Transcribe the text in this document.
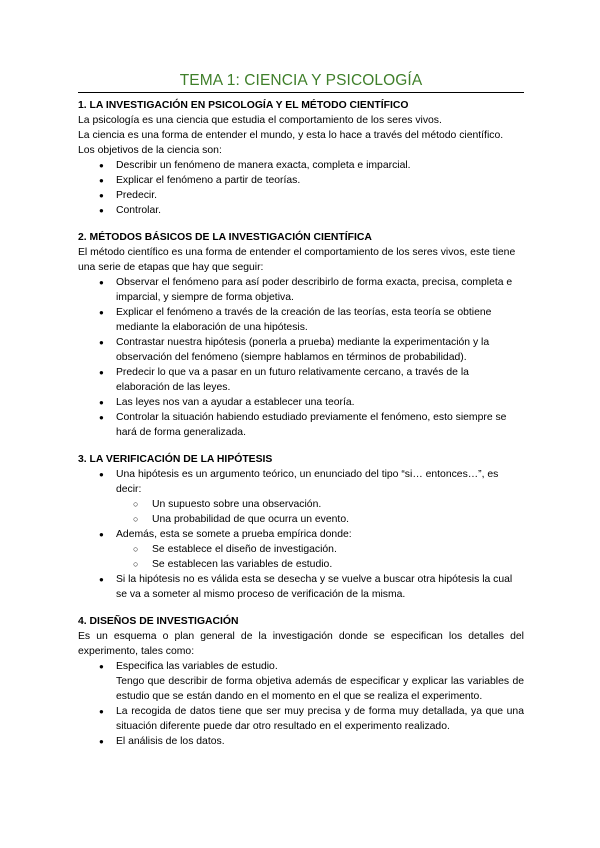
TEMA 1: CIENCIA Y PSICOLOGÍA

1. LA INVESTIGACIÓN EN PSICOLOGÍA Y EL MÉTODO CIENTÍFICO

La psicología es una ciencia que estudia el comportamiento de los seres vivos.

La ciencia es una forma de entender el mundo, y esta lo hace a través del método científico.

Los objetivos de la ciencia son:

● Describir un fenómeno de manera exacta, completa e imparcial.
● Explicar el fenómeno a partir de teorías.
● Predecir.
● Controlar.

2. MÉTODOS BÁSICOS DE LA INVESTIGACIÓN CIENTÍFICA

El método científico es una forma de entender el comportamiento de los seres vivos, este tiene una serie de etapas que hay que seguir:

● Observar el fenómeno para así poder describirlo de forma exacta, precisa, completa e imparcial, y siempre de forma objetiva.
● Explicar el fenómeno a través de la creación de las teorías, esta teoría se obtiene mediante la elaboración de una hipótesis.
● Contrastar nuestra hipótesis (ponerla a prueba) mediante la experimentación y la observación del fenómeno (siempre hablamos en términos de probabilidad).
● Predecir lo que va a pasar en un futuro relativamente cercano, a través de la elaboración de las leyes.
● Las leyes nos van a ayudar a establecer una teoría.
● Controlar la situación habiendo estudiado previamente el fenómeno, esto siempre se hará de forma generalizada.

3. LA VERIFICACIÓN DE LA HIPÓTESIS

● Una hipótesis es un argumento teórico, un enunciado del tipo “si… entonces…”, es decir:
○ Un supuesto sobre una observación.
○ Una probabilidad de que ocurra un evento.
● Además, esta se somete a prueba empírica donde:
○ Se establece el diseño de investigación.
○ Se establecen las variables de estudio.
● Si la hipótesis no es válida esta se desecha y se vuelve a buscar otra hipótesis la cual se va a someter al mismo proceso de verificación de la misma.

4. DISEÑOS DE INVESTIGACIÓN

Es un esquema o plan general de la investigación donde se especifican los detalles del experimento, tales como:

● Especifica las variables de estudio.
Tengo que describir de forma objetiva además de especificar y explicar las variables de estudio que se están dando en el momento en el que se realiza el experimento.
● La recogida de datos tiene que ser muy precisa y de forma muy detallada, ya que una situación diferente puede dar otro resultado en el experimento realizado.
● El análisis de los datos.
